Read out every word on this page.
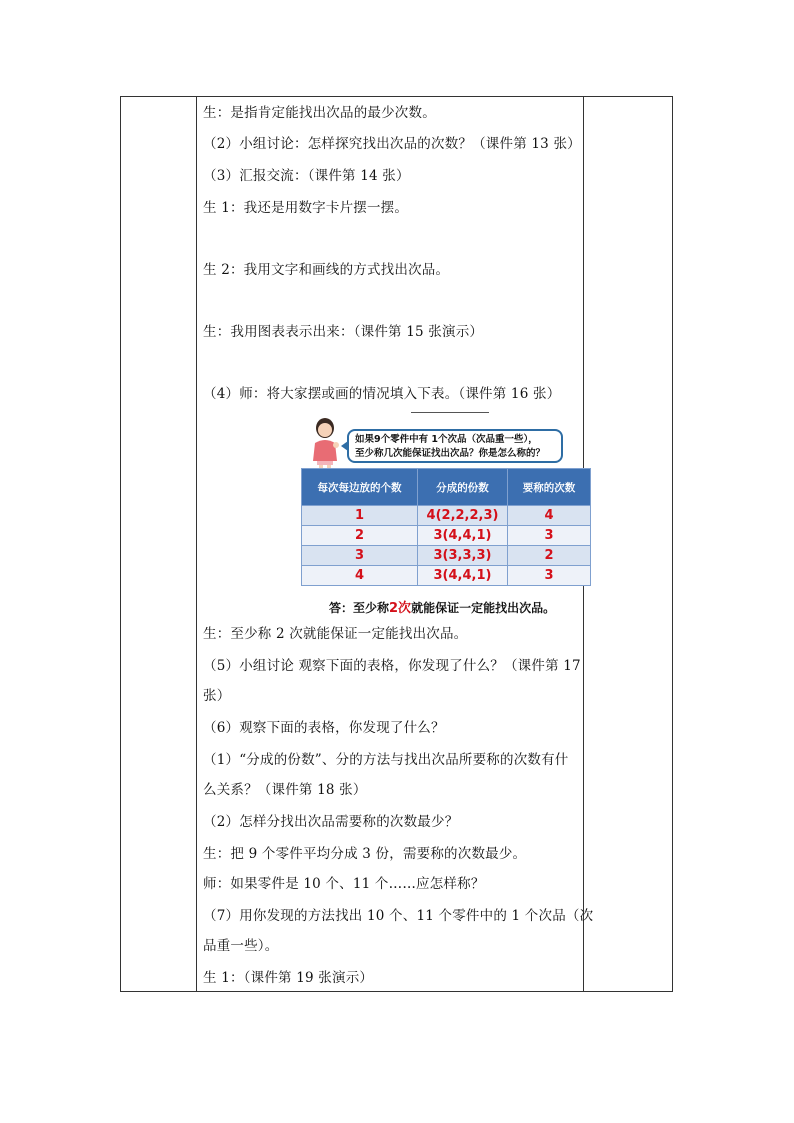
生：是指肯定能找出次品的最少次数。
（2）小组讨论：怎样探究找出次品的次数？（课件第 13 张）
（3）汇报交流：（课件第 14 张）
生 1：我还是用数字卡片摆一摆。
生 2：我用文字和画线的方式找出次品。
生：我用图表表示出来：（课件第 15 张演示）
（4）师：将大家摆或画的情况填入下表。（课件第 16 张）
如果9个零件中有 1个次品（次品重一些），
至少称几次能保证找出次品？你是怎么称的？
每次每边放的个数	分成的份数	要称的次数
1	4(2,2,2,3)	4
2	3(4,4,1)	3
3	3(3,3,3)	2
4	3(4,4,1)	3
答：至少称2次就能保证一定能找出次品。
生：至少称 2 次就能保证一定能找出次品。
（5）小组讨论 观察下面的表格，你发现了什么？（课件第 17
张）
（6）观察下面的表格，你发现了什么？
（1）“分成的份数”、分的方法与找出次品所要称的次数有什
么关系？（课件第 18 张）
（2）怎样分找出次品需要称的次数最少？
生：把 9 个零件平均分成 3 份，需要称的次数最少。
师：如果零件是 10 个、11 个……应怎样称？
（7）用你发现的方法找出 10 个、11 个零件中的 1 个次品（次
品重一些）。
生 1：（课件第 19 张演示）
